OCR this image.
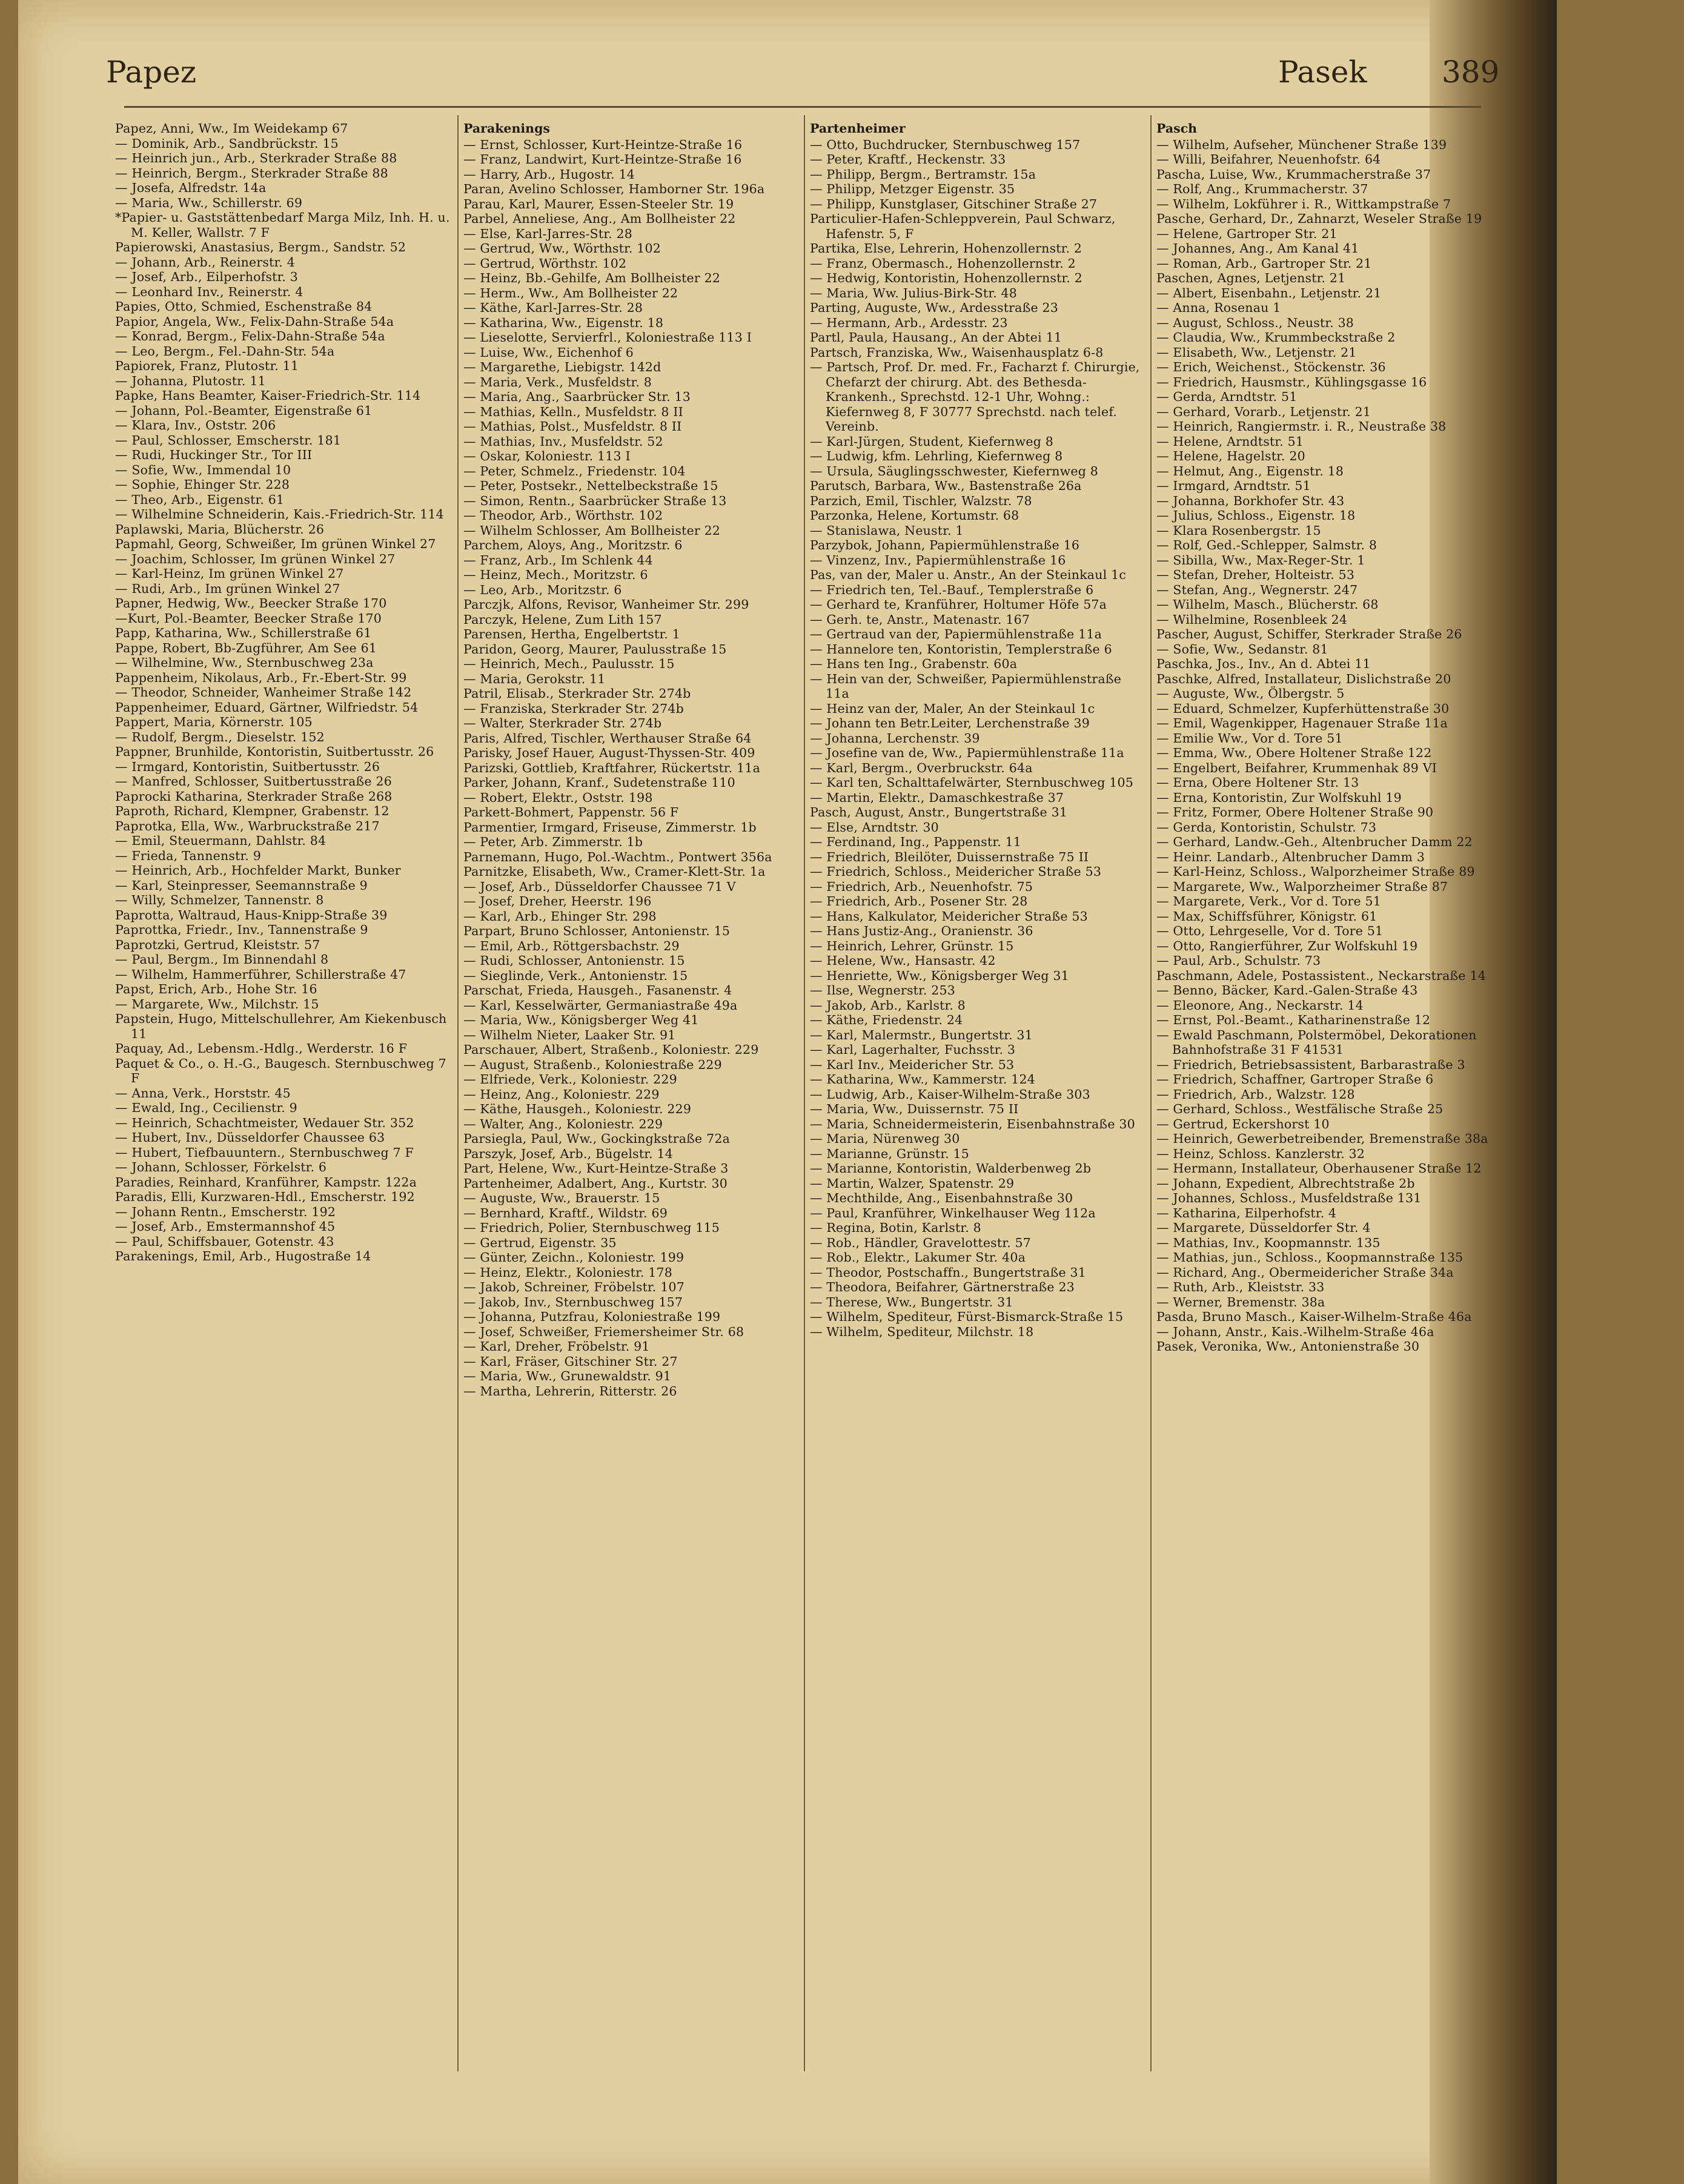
Papez	Pasek 389
Papez, Anni, Ww., Im Weidekamp 67
— Dominik, Arb., Sandbrückstr. 15
— Heinrich jun., Arb., Sterkrader Straße 88
— Heinrich, Bergm., Sterkrader Straße 88
— Josefa, Alfredstr. 14a
— Maria, Ww., Schillerstr. 69
*Papier- u. Gaststättenbedarf Marga Milz, Inh. H. u. M. Keller, Wallstr. 7 F
Papierowski, Anastasius, Bergm., Sandstr. 52
— Johann, Arb., Reinerstr. 4
— Josef, Arb., Eilperhofstr. 3
— Leonhard Inv., Reinerstr. 4
Papies, Otto, Schmied, Eschenstraße 84
Papior, Angela, Ww., Felix-Dahn-Straße 54a
— Konrad, Bergm., Felix-Dahn-Straße 54a
— Leo, Bergm., Fel.-Dahn-Str. 54a
Papiorek, Franz, Plutostr. 11
— Johanna, Plutostr. 11
Papke, Hans Beamter, Kaiser-Friedrich-Str. 114
— Johann, Pol.-Beamter, Eigenstraße 61
— Klara, Inv., Oststr. 206
— Paul, Schlosser, Emscherstr. 181
— Rudi, Huckinger Str., Tor III
— Sofie, Ww., Immendal 10
— Sophie, Ehinger Str. 228
— Theo, Arb., Eigenstr. 61
— Wilhelmine Schneiderin, Kais.-Friedrich-Str. 114
Paplawski, Maria, Blücherstr. 26
Papmahl, Georg, Schweißer, Im grünen Winkel 27
— Joachim, Schlosser, Im grünen Winkel 27
— Karl-Heinz, Im grünen Winkel 27
— Rudi, Arb., Im grünen Winkel 27
Papner, Hedwig, Ww., Beecker Straße 170
—Kurt, Pol.-Beamter, Beecker Straße 170
Papp, Katharina, Ww., Schillerstraße 61
Pappe, Robert, Bb-Zugführer, Am See 61
— Wilhelmine, Ww., Sternbuschweg 23a
Pappenheim, Nikolaus, Arb., Fr.-Ebert-Str. 99
— Theodor, Schneider, Wanheimer Straße 142
Pappenheimer, Eduard, Gärtner, Wilfriedstr. 54
Pappert, Maria, Körnerstr. 105
— Rudolf, Bergm., Dieselstr. 152
Pappner, Brunhilde, Kontoristin, Suitbertusstr. 26
— Irmgard, Kontoristin, Suitbertusstr. 26
— Manfred, Schlosser, Suitbertusstraße 26
Paprocki Katharina, Sterkrader Straße 268
Paproth, Richard, Klempner, Grabenstr. 12
Paprotka, Ella, Ww., Warbruckstraße 217
— Emil, Steuermann, Dahlstr. 84
— Frieda, Tannenstr. 9
— Heinrich, Arb., Hochfelder Markt, Bunker
— Karl, Steinpresser, Seemannstraße 9
— Willy, Schmelzer, Tannenstr. 8
Paprotta, Waltraud, Haus-Knipp-Straße 39
Paprottka, Friedr., Inv., Tannenstraße 9
Paprotzki, Gertrud, Kleiststr. 57
— Paul, Bergm., Im Binnendahl 8
— Wilhelm, Hammerführer, Schillerstraße 47
Papst, Erich, Arb., Hohe Str. 16
— Margarete, Ww., Milchstr. 15
Papstein, Hugo, Mittelschullehrer, Am Kiekenbusch 11
Paquay, Ad., Lebensm.-Hdlg., Werderstr. 16 F
Paquet & Co., o. H.-G., Baugesch. Sternbuschweg 7 F
— Anna, Verk., Horststr. 45
— Ewald, Ing., Cecilienstr. 9
— Heinrich, Schachtmeister, Wedauer Str. 352
— Hubert, Inv., Düsseldorfer Chaussee 63
— Hubert, Tiefbauuntern., Sternbuschweg 7 F
— Johann, Schlosser, Förkelstr. 6
Paradies, Reinhard, Kranführer, Kampstr. 122a
Paradis, Elli, Kurzwaren-Hdl., Emscherstr. 192
— Johann Rentn., Emscherstr. 192
— Josef, Arb., Emstermannshof 45
— Paul, Schiffsbauer, Gotenstr. 43
Parakenings, Emil, Arb., Hugostraße 14
Parakenings
— Ernst, Schlosser, Kurt-Heintze-Straße 16
— Franz, Landwirt, Kurt-Heintze-Straße 16
— Harry, Arb., Hugostr. 14
Paran, Avelino Schlosser, Hamborner Str. 196a
Parau, Karl, Maurer, Essen-Steeler Str. 19
Parbel, Anneliese, Ang., Am Bollheister 22
— Else, Karl-Jarres-Str. 28
— Gertrud, Ww., Wörthstr. 102
— Gertrud, Wörthstr. 102
— Heinz, Bb.-Gehilfe, Am Bollheister 22
— Herm., Ww., Am Bollheister 22
— Käthe, Karl-Jarres-Str. 28
— Katharina, Ww., Eigenstr. 18
— Lieselotte, Servierfrl., Koloniestraße 113 I
— Luise, Ww., Eichenhof 6
— Margarethe, Liebigstr. 142d
— Maria, Verk., Musfeldstr. 8
— Maria, Ang., Saarbrücker Str. 13
— Mathias, Kelln., Musfeldstr. 8 II
— Mathias, Polst., Musfeldstr. 8 II
— Mathias, Inv., Musfeldstr. 52
— Oskar, Koloniestr. 113 I
— Peter, Schmelz., Friedenstr. 104
— Peter, Postsekr., Nettelbeckstraße 15
— Simon, Rentn., Saarbrücker Straße 13
— Theodor, Arb., Wörthstr. 102
— Wilhelm Schlosser, Am Bollheister 22
Parchem, Aloys, Ang., Moritzstr. 6
— Franz, Arb., Im Schlenk 44
— Heinz, Mech., Moritzstr. 6
— Leo, Arb., Moritzstr. 6
Parczjk, Alfons, Revisor, Wanheimer Str. 299
Parczyk, Helene, Zum Lith 157
Parensen, Hertha, Engelbertstr. 1
Paridon, Georg, Maurer, Paulusstraße 15
— Heinrich, Mech., Paulusstr. 15
— Maria, Gerokstr. 11
Patril, Elisab., Sterkrader Str. 274b
— Franziska, Sterkrader Str. 274b
— Walter, Sterkrader Str. 274b
Paris, Alfred, Tischler, Werthauser Straße 64
Parisky, Josef Hauer, August-Thyssen-Str. 409
Parizski, Gottlieb, Kraftfahrer, Rückertstr. 11a
Parker, Johann, Kranf., Sudetenstraße 110
— Robert, Elektr., Oststr. 198
Parkett-Bohmert, Pappenstr. 56 F
Parmentier, Irmgard, Friseuse, Zimmerstr. 1b
— Peter, Arb. Zimmerstr. 1b
Parnemann, Hugo, Pol.-Wachtm., Pontwert 356a
Parnitzke, Elisabeth, Ww., Cramer-Klett-Str. 1a
— Josef, Arb., Düsseldorfer Chaussee 71 V
— Josef, Dreher, Heerstr. 196
— Karl, Arb., Ehinger Str. 298
Parpart, Bruno Schlosser, Antonienstr. 15
— Emil, Arb., Röttgersbachstr. 29
— Rudi, Schlosser, Antonienstr. 15
— Sieglinde, Verk., Antonienstr. 15
Parschat, Frieda, Hausgeh., Fasanenstr. 4
— Karl, Kesselwärter, Germaniastraße 49a
— Maria, Ww., Königsberger Weg 41
— Wilhelm Nieter, Laaker Str. 91
Parschauer, Albert, Straßenb., Koloniestr. 229
— August, Straßenb., Koloniestraße 229
— Elfriede, Verk., Koloniestr. 229
— Heinz, Ang., Koloniestr. 229
— Käthe, Hausgeh., Koloniestr. 229
— Walter, Ang., Koloniestr. 229
Parsiegla, Paul, Ww., Gockingkstraße 72a
Parszyk, Josef, Arb., Bügelstr. 14
Part, Helene, Ww., Kurt-Heintze-Straße 3
Partenheimer, Adalbert, Ang., Kurtstr. 30
— Auguste, Ww., Brauerstr. 15
— Bernhard, Kraftf., Wildstr. 69
— Friedrich, Polier, Sternbuschweg 115
— Gertrud, Eigenstr. 35
— Günter, Zeichn., Koloniestr. 199
— Heinz, Elektr., Koloniestr. 178
— Jakob, Schreiner, Fröbelstr. 107
— Jakob, Inv., Sternbuschweg 157
— Johanna, Putzfrau, Koloniestraße 199
— Josef, Schweißer, Friemersheimer Str. 68
— Karl, Dreher, Fröbelstr. 91
— Karl, Fräser, Gitschiner Str. 27
— Maria, Ww., Grunewaldstr. 91
— Martha, Lehrerin, Ritterstr. 26
Partenheimer
— Otto, Buchdrucker, Sternbuschweg 157
— Peter, Kraftf., Heckenstr. 33
— Philipp, Bergm., Bertramstr. 15a
— Philipp, Metzger Eigenstr. 35
— Philipp, Kunstglaser, Gitschiner Straße 27
Particulier-Hafen-Schleppverein, Paul Schwarz, Hafenstr. 5, F
Partika, Else, Lehrerin, Hohenzollernstr. 2
— Franz, Obermasch., Hohenzollernstr. 2
— Hedwig, Kontoristin, Hohenzollernstr. 2
— Maria, Ww. Julius-Birk-Str. 48
Parting, Auguste, Ww., Ardesstraße 23
— Hermann, Arb., Ardesstr. 23
Partl, Paula, Hausang., An der Abtei 11
Partsch, Franziska, Ww., Waisenhausplatz 6-8
— Partsch, Prof. Dr. med. Fr., Facharzt f. Chirurgie, Chefarzt der chirurg. Abt. des Bethesda-Krankenh., Sprechstd. 12-1 Uhr, Wohng.: Kiefernweg 8, F 30777 Sprechstd. nach telef. Vereinb.
— Karl-Jürgen, Student, Kiefernweg 8
— Ludwig, kfm. Lehrling, Kiefernweg 8
— Ursula, Säuglingsschwester, Kiefernweg 8
Parutsch, Barbara, Ww., Bastenstraße 26a
Parzich, Emil, Tischler, Walzstr. 78
Parzonka, Helene, Kortumstr. 68
— Stanislawa, Neustr. 1
Parzybok, Johann, Papiermühlenstraße 16
— Vinzenz, Inv., Papiermühlenstraße 16
Pas, van der, Maler u. Anstr., An der Steinkaul 1c
— Friedrich ten, Tel.-Bauf., Templerstraße 6
— Gerhard te, Kranführer, Holtumer Höfe 57a
— Gerh. te, Anstr., Matenastr. 167
— Gertraud van der, Papiermühlenstraße 11a
— Hannelore ten, Kontoristin, Templerstraße 6
— Hans ten Ing., Grabenstr. 60a
— Hein van der, Schweißer, Papiermühlenstraße 11a
— Heinz van der, Maler, An der Steinkaul 1c
— Johann ten Betr.Leiter, Lerchenstraße 39
— Johanna, Lerchenstr. 39
— Josefine van de, Ww., Papiermühlenstraße 11a
— Karl, Bergm., Overbruckstr. 64a
— Karl ten, Schalttafelwärter, Sternbuschweg 105
— Martin, Elektr., Damaschkestraße 37
Pasch, August, Anstr., Bungertstraße 31
— Else, Arndtstr. 30
— Ferdinand, Ing., Pappenstr. 11
— Friedrich, Bleilöter, Duissernstraße 75 II
— Friedrich, Schloss., Meidericher Straße 53
— Friedrich, Arb., Neuenhofstr. 75
— Friedrich, Arb., Posener Str. 28
— Hans, Kalkulator, Meidericher Straße 53
— Hans Justiz-Ang., Oranienstr. 36
— Heinrich, Lehrer, Grünstr. 15
— Helene, Ww., Hansastr. 42
— Henriette, Ww., Königsberger Weg 31
— Ilse, Wegnerstr. 253
— Jakob, Arb., Karlstr. 8
— Käthe, Friedenstr. 24
— Karl, Malermstr., Bungertstr. 31
— Karl, Lagerhalter, Fuchsstr. 3
— Karl Inv., Meidericher Str. 53
— Katharina, Ww., Kammerstr. 124
— Ludwig, Arb., Kaiser-Wilhelm-Straße 303
— Maria, Ww., Duissernstr. 75 II
— Maria, Schneidermeisterin, Eisenbahnstraße 30
— Maria, Nürenweg 30
— Marianne, Grünstr. 15
— Marianne, Kontoristin, Walderbenweg 2b
— Martin, Walzer, Spatenstr. 29
— Mechthilde, Ang., Eisenbahnstraße 30
— Paul, Kranführer, Winkelhauser Weg 112a
— Regina, Botin, Karlstr. 8
— Rob., Händler, Gravelottestr. 57
— Rob., Elektr., Lakumer Str. 40a
— Theodor, Postschaffn., Bungertstraße 31
— Theodora, Beifahrer, Gärtnerstraße 23
— Therese, Ww., Bungertstr. 31
— Wilhelm, Spediteur, Fürst-Bismarck-Straße 15
— Wilhelm, Spediteur, Milchstr. 18
Pasch
— Wilhelm, Aufseher, Münchener Straße 139
— Willi, Beifahrer, Neuenhofstr. 64
Pascha, Luise, Ww., Krummacherstraße 37
— Rolf, Ang., Krummacherstr. 37
— Wilhelm, Lokführer i. R., Wittkampstraße 7
Pasche, Gerhard, Dr., Zahnarzt, Weseler Straße 19
— Helene, Gartroper Str. 21
— Johannes, Ang., Am Kanal 41
— Roman, Arb., Gartroper Str. 21
Paschen, Agnes, Letjenstr. 21
— Albert, Eisenbahn., Letjenstr. 21
— Anna, Rosenau 1
— August, Schloss., Neustr. 38
— Claudia, Ww., Krummbeckstraße 2
— Elisabeth, Ww., Letjenstr. 21
— Erich, Weichenst., Stöckenstr. 36
— Friedrich, Hausmstr., Kühlingsgasse 16
— Gerda, Arndtstr. 51
— Gerhard, Vorarb., Letjenstr. 21
— Heinrich, Rangiermstr. i. R., Neustraße 38
— Helene, Arndtstr. 51
— Helene, Hagelstr. 20
— Helmut, Ang., Eigenstr. 18
— Irmgard, Arndtstr. 51
— Johanna, Borkhofer Str. 43
— Julius, Schloss., Eigenstr. 18
— Klara Rosenbergstr. 15
— Rolf, Ged.-Schlepper, Salmstr. 8
— Sibilla, Ww., Max-Reger-Str. 1
— Stefan, Dreher, Holteistr. 53
— Stefan, Ang., Wegnerstr. 247
— Wilhelm, Masch., Blücherstr. 68
— Wilhelmine, Rosenbleek 24
Pascher, August, Schiffer, Sterkrader Straße 26
— Sofie, Ww., Sedanstr. 81
Paschka, Jos., Inv., An d. Abtei 11
Paschke, Alfred, Installateur, Dislichstraße 20
— Auguste, Ww., Ölbergstr. 5
— Eduard, Schmelzer, Kupferhüttenstraße 30
— Emil, Wagenkipper, Hagenauer Straße 11a
— Emilie Ww., Vor d. Tore 51
— Emma, Ww., Obere Holtener Straße 122
— Engelbert, Beifahrer, Krummenhak 89 VI
— Erna, Obere Holtener Str. 13
— Erna, Kontoristin, Zur Wolfskuhl 19
— Fritz, Former, Obere Holtener Straße 90
— Gerda, Kontoristin, Schulstr. 73
— Gerhard, Landw.-Geh., Altenbrucher Damm 22
— Heinr. Landarb., Altenbrucher Damm 3
— Karl-Heinz, Schloss., Walporzheimer Straße 89
— Margarete, Ww., Walporzheimer Straße 87
— Margarete, Verk., Vor d. Tore 51
— Max, Schiffsführer, Königstr. 61
— Otto, Lehrgeselle, Vor d. Tore 51
— Otto, Rangierführer, Zur Wolfskuhl 19
— Paul, Arb., Schulstr. 73
Paschmann, Adele, Postassistent., Neckarstraße 14
— Benno, Bäcker, Kard.-Galen-Straße 43
— Eleonore, Ang., Neckarstr. 14
— Ernst, Pol.-Beamt., Katharinenstraße 12
— Ewald Paschmann, Polstermöbel, Dekorationen Bahnhofstraße 31 F 41531
— Friedrich, Betriebsassistent, Barbarastraße 3
— Friedrich, Schaffner, Gartroper Straße 6
— Friedrich, Arb., Walzstr. 128
— Gerhard, Schloss., Westfälische Straße 25
— Gertrud, Eckershorst 10
— Heinrich, Gewerbetreibender, Bremenstraße 38a
— Heinz, Schloss. Kanzlerstr. 32
— Hermann, Installateur, Oberhausener Straße 12
— Johann, Expedient, Albrechtstraße 2b
— Johannes, Schloss., Musfeldstraße 131
— Katharina, Eilperhofstr. 4
— Margarete, Düsseldorfer Str. 4
— Mathias, Inv., Koopmannstr. 135
— Mathias, jun., Schloss., Koopmannstraße 135
— Richard, Ang., Obermeidericher Straße 34a
— Ruth, Arb., Kleiststr. 33
— Werner, Bremenstr. 38a
Pasda, Bruno Masch., Kaiser-Wilhelm-Straße 46a
— Johann, Anstr., Kais.-Wilhelm-Straße 46a
Pasek, Veronika, Ww., Antonienstraße 30
